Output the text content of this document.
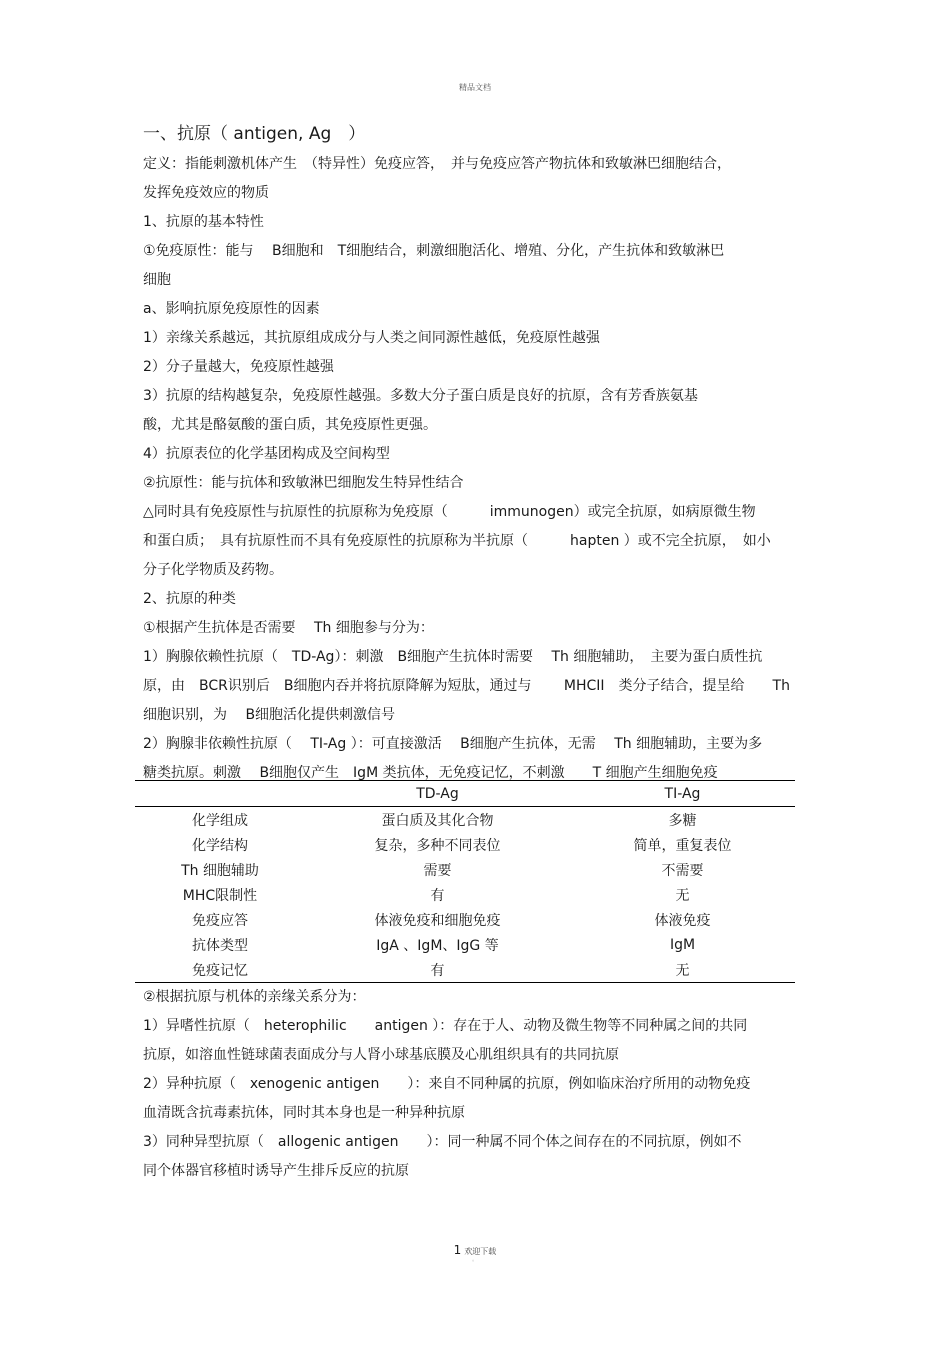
精品文档

一、抗原（ antigen, Ag　）

定义：指能刺激机体产生　（特异性）免疫应答，　并与免疫应答产物抗体和致敏淋巴细胞结合，

发挥免疫效应的物质

1、抗原的基本特性

①免疫原性：能与　 B细胞和　T细胞结合，刺激细胞活化、增殖、分化，产生抗体和致敏淋巴

细胞

a、影响抗原免疫原性的因素

1）亲缘关系越远，其抗原组成成分与人类之间同源性越低，免疫原性越强

2）分子量越大，免疫原性越强

3）抗原的结构越复杂，免疫原性越强。多数大分子蛋白质是良好的抗原，含有芳香族氨基

酸，尤其是酪氨酸的蛋白质，其免疫原性更强。

4）抗原表位的化学基团构成及空间构型

②抗原性：能与抗体和致敏淋巴细胞发生特异性结合

△同时具有免疫原性与抗原性的抗原称为免疫原（　　　immunogen）或完全抗原，如病原微生物

和蛋白质；　具有抗原性而不具有免疫原性的抗原称为半抗原（　　　hapten ）或不完全抗原，　如小

分子化学物质及药物。

2、抗原的种类

①根据产生抗体是否需要　 Th 细胞参与分为：

1）胸腺依赖性抗原（　TD-Ag）：刺激　B细胞产生抗体时需要　 Th 细胞辅助，　主要为蛋白质性抗

原，由　BCR识别后　B细胞内吞并将抗原降解为短肽，通过与　　 MHCII　类分子结合，提呈给　　Th

细胞识别，为　 B细胞活化提供刺激信号

2）胸腺非依赖性抗原（　 TI-Ag ）：可直接激活　 B细胞产生抗体，无需　 Th 细胞辅助，主要为多

糖类抗原。刺激　 B细胞仅产生　IgM 类抗体，无免疫记忆，不刺激　　T 细胞产生细胞免疫

	TD-Ag	TI-Ag
化学组成	蛋白质及其化合物	多糖
化学结构	复杂，多种不同表位	简单，重复表位
Th 细胞辅助	需要	不需要
MHC限制性	有	无
免疫应答	体液免疫和细胞免疫	体液免疫
抗体类型	IgA 、IgM、IgG 等	IgM
免疫记忆	有	无

②根据抗原与机体的亲缘关系分为：

1）异嗜性抗原（　heterophilic　　antigen ）：存在于人、动物及微生物等不同种属之间的共同

抗原，如溶血性链球菌表面成分与人肾小球基底膜及心肌组织具有的共同抗原

2）异种抗原（　xenogenic antigen　　）：来自不同种属的抗原，例如临床治疗所用的动物免疫

血清既含抗毒素抗体，同时其本身也是一种异种抗原

3）同种异型抗原（　allogenic antigen　　）：同一种属不同个体之间存在的不同抗原，例如不

同个体器官移植时诱导产生排斥反应的抗原

1 欢迎下载
。
